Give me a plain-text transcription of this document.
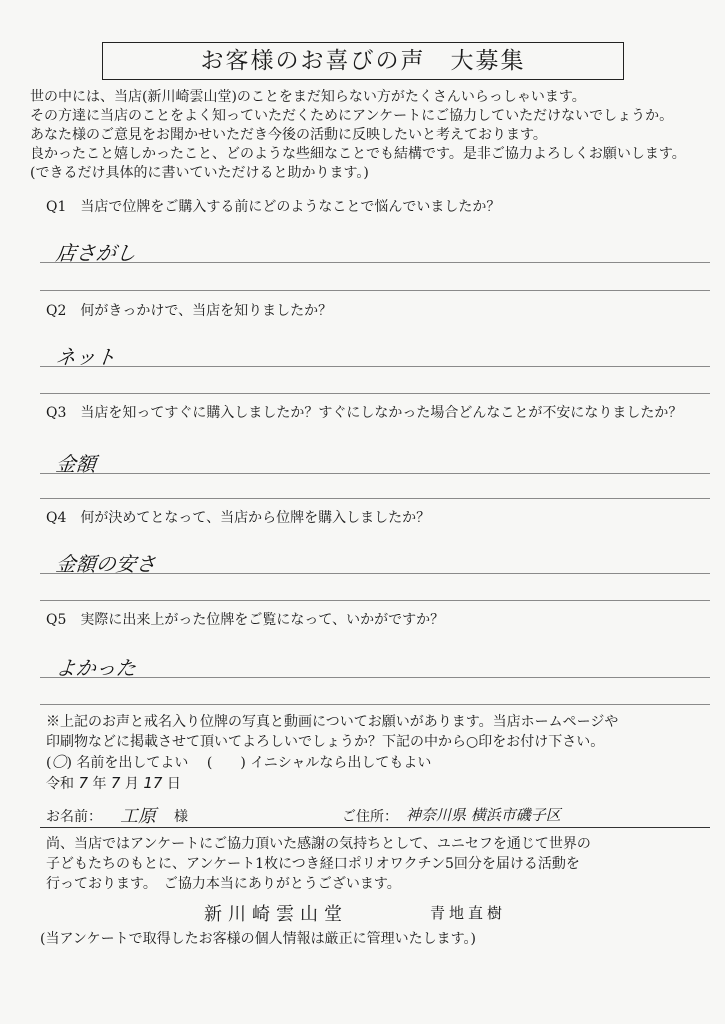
お客様のお喜びの声　大募集
世の中には、当店(新川崎雲山堂)のことをまだ知らない方がたくさんいらっしゃいます。
その方達に当店のことをよく知っていただくためにアンケートにご協力していただけないでしょうか。
あなた様のご意見をお聞かせいただき今後の活動に反映したいと考えております。
良かったこと嬉しかったこと、どのような些細なことでも結構です。是非ご協力よろしくお願いします。
(できるだけ具体的に書いていただけると助かります。)
Q1　当店で位牌をご購入する前にどのようなことで悩んでいましたか？
店さがし
Q2　何がきっかけで、当店を知りましたか？
ネット
Q3　当店を知ってすぐに購入しましたか？すぐにしなかった場合どんなことが不安になりましたか？
金額
Q4　何が決めてとなって、当店から位牌を購入しましたか？
金額の安さ
Q5　実際に出来上がった位牌をご覧になって、いかがですか？
よかった
※上記のお声と戒名入り位牌の写真と動画についてお願いがあります。当店ホームページや
印刷物などに掲載させて頂いてよろしいでしょうか？下記の中から○印をお付け下さい。
(〇) 名前を出してよい 　(　　) イニシャルなら出してもよい
令和 7 年 7 月 17 日
お名前： 工原 様	ご住所： 神奈川県 横浜市磯子区
尚、当店ではアンケートにご協力頂いた感謝の気持ちとして、ユニセフを通じて世界の
子どもたちのもとに、アンケート1枚につき経口ポリオワクチン5回分を届ける活動を
行っております。　ご協力本当にありがとうございます。
新川崎雲山堂	青地直樹
(当アンケートで取得したお客様の個人情報は厳正に管理いたします。)
